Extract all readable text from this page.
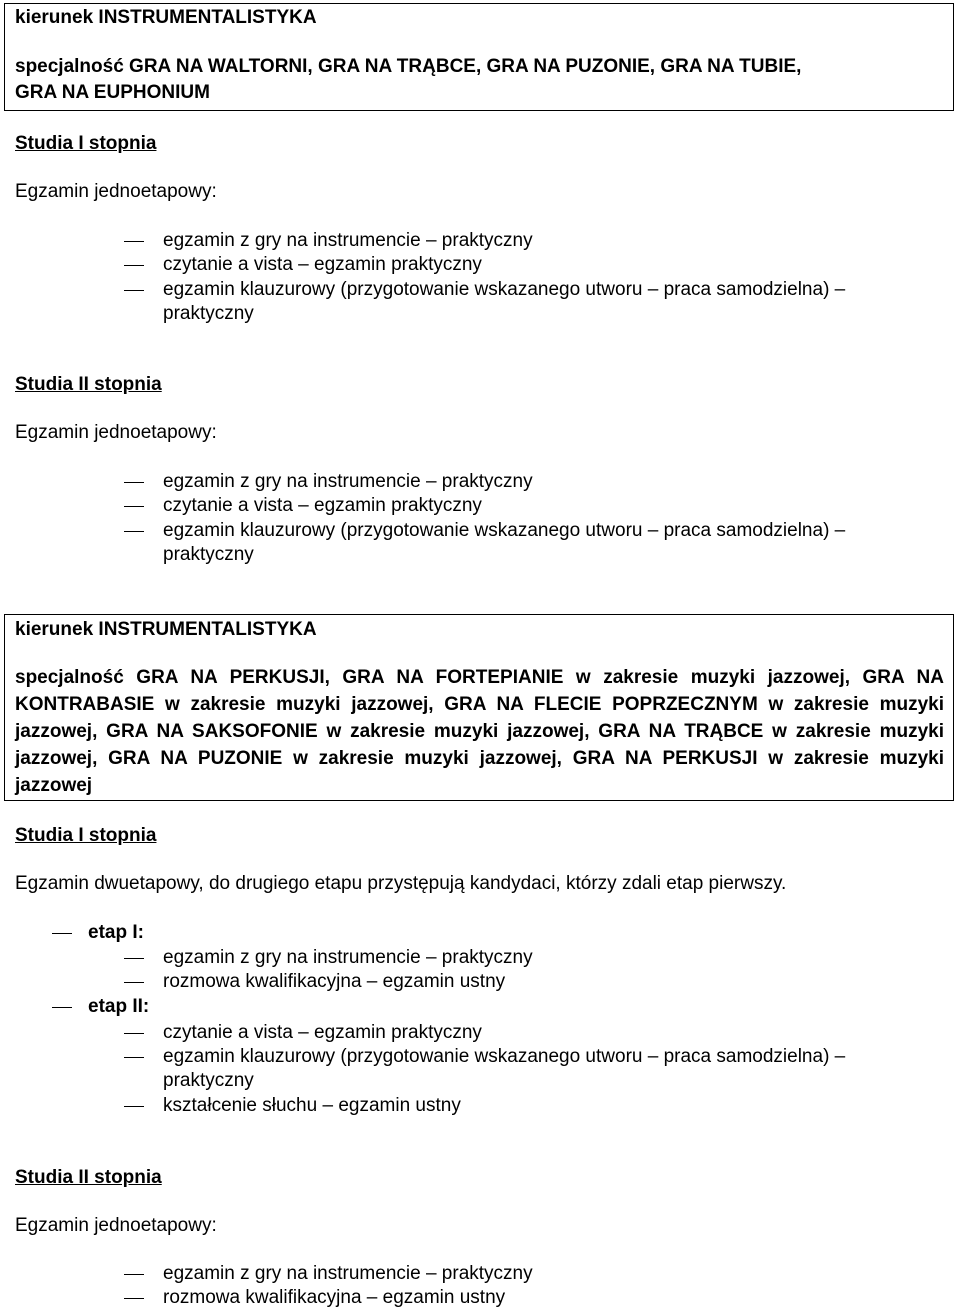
kierunek INSTRUMENTALISTYKA
specjalność GRA NA WALTORNI, GRA NA TRĄBCE, GRA NA PUZONIE, GRA NA TUBIE,
GRA NA EUPHONIUM
Studia I stopnia
Egzamin jednoetapowy:
egzamin z gry na instrumencie – praktyczny
czytanie a vista – egzamin praktyczny
egzamin klauzurowy (przygotowanie wskazanego utworu – praca samodzielna) –
praktyczny
Studia II stopnia
Egzamin jednoetapowy:
egzamin z gry na instrumencie – praktyczny
czytanie a vista – egzamin praktyczny
egzamin klauzurowy (przygotowanie wskazanego utworu – praca samodzielna) –
praktyczny
kierunek INSTRUMENTALISTYKA
specjalność GRA NA PERKUSJI, GRA NA FORTEPIANIE w zakresie muzyki jazzowej, GRA NA KONTRABASIE w zakresie muzyki jazzowej, GRA NA FLECIE POPRZECZNYM w zakresie muzyki jazzowej, GRA NA SAKSOFONIE w zakresie muzyki jazzowej, GRA NA TRĄBCE w zakresie muzyki jazzowej, GRA NA PUZONIE w zakresie muzyki jazzowej, GRA NA PERKUSJI w zakresie muzyki jazzowej
Studia I stopnia
Egzamin dwuetapowy, do drugiego etapu przystępują kandydaci, którzy zdali etap pierwszy.
etap I:
egzamin z gry na instrumencie – praktyczny
rozmowa kwalifikacyjna – egzamin ustny
etap II:
czytanie a vista – egzamin praktyczny
egzamin klauzurowy (przygotowanie wskazanego utworu – praca samodzielna) –
praktyczny
kształcenie słuchu – egzamin ustny
Studia II stopnia
Egzamin jednoetapowy:
egzamin z gry na instrumencie – praktyczny
rozmowa kwalifikacyjna – egzamin ustny
